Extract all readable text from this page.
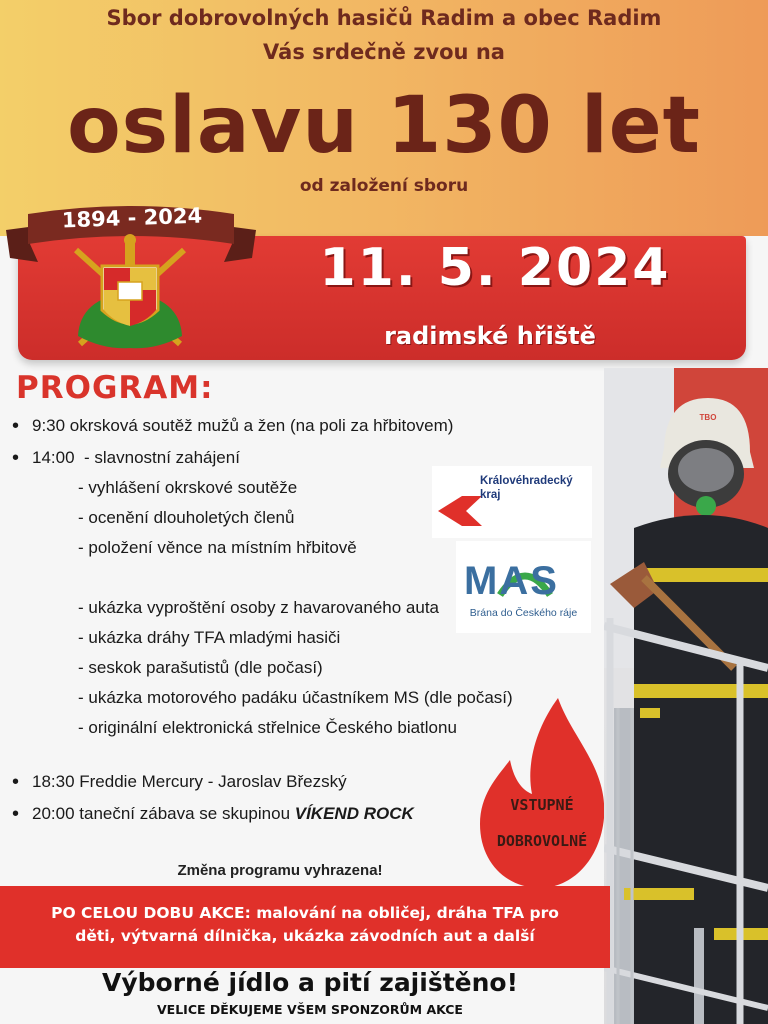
Sbor dobrovolných hasičů Radim a obec Radim
Vás srdečně zvou na
oslavu 130 let
od založení sboru
11. 5. 2024
radimské hřiště
1894 - 2024
PROGRAM:
• 9:30 okrsková soutěž mužů a žen (na poli za hřbitovem)
• 14:00 - slavnostní zahájení
- vyhlášení okrskové soutěže
- ocenění dlouholetých členů
- položení věnce na místním hřbitově
- ukázka vyproštění osoby z havarovaného auta
- ukázka dráhy TFA mladými hasiči
- seskok parašutistů (dle počasí)
- ukázka motorového padáku účastníkem MS (dle počasí)
- originální elektronická střelnice Českého biatlonu
• 18:30 Freddie Mercury - Jaroslav Březský
• 20:00 taneční zábava se skupinou VÍKEND ROCK
Změna programu vyhrazena!
Královéhradecký
kraj
MAS
Brána do Českého ráje
VSTUPNÉ
DOBROVOLNÉ
TBO
PO CELOU DOBU AKCE: malování na obličej, dráha TFA pro
děti, výtvarná dílnička, ukázka závodních aut a další
Výborné jídlo a pití zajištěno!
VELICE DĚKUJEME VŠEM SPONZORŮM AKCE
